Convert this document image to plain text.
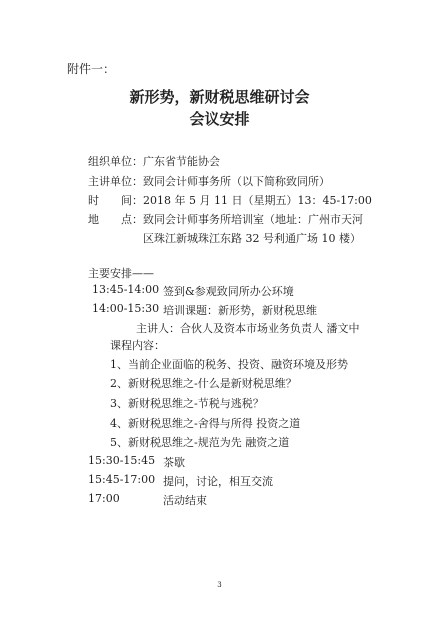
附件一：
新形势，新财税思维研讨会
会议安排
组织单位：广东省节能协会
主讲单位：致同会计师事务所（以下简称致同所）
时　　间： 2018 年 5 月 11 日（星期五）13：45-17:00
地　　点： 致同会计师事务所培训室（地址：广州市天河
区珠江新城珠江东路 32 号利通广场 10 楼）
主要安排——
13:45-14:00 签到&参观致同所办公环境
14:00-15:30 培训课题：新形势，新财税思维
主讲人：合伙人及资本市场业务负责人 潘文中
课程内容：
1、当前企业面临的税务、投资、融资环境及形势
2、新财税思维之-什么是新财税思维？
3、新财税思维之-节税与逃税？
4、新财税思维之-舍得与所得 投资之道
5、新财税思维之-规范为先 融资之道
15:30-15:45 茶歇
15:45-17:00 提问，讨论，相互交流
17:00	活动结束
3
